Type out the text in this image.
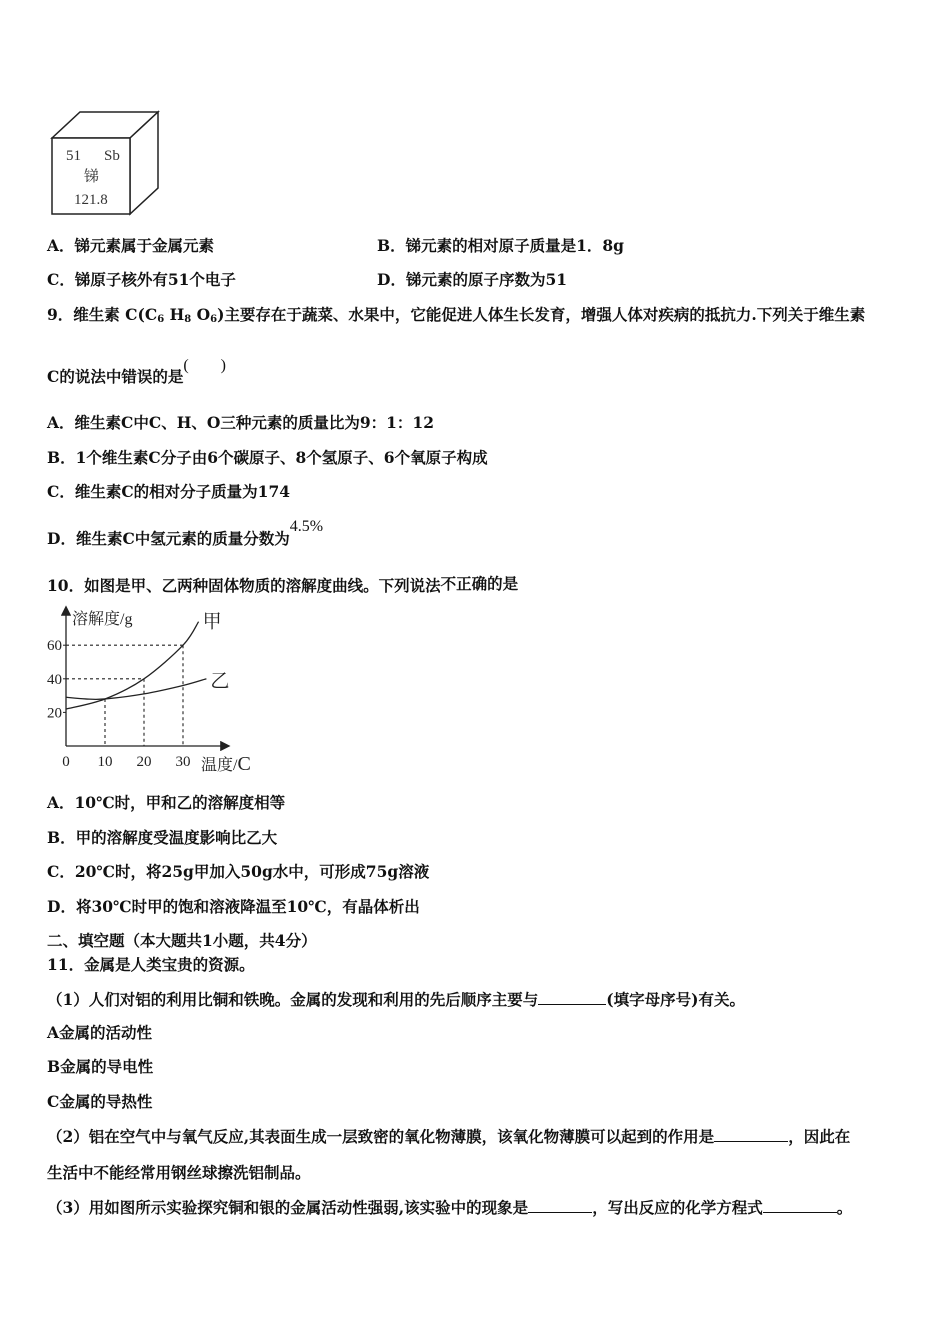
51 Sb
锑
121.8
A．锑元素属于金属元素	B．锑元素的相对原子质量是1．8g
C．锑原子核外有51个电子	D．锑元素的原子序数为51
9．维生素 $C(C_6$ $H_8$ $O_6$)主要存在于蔬菜、水果中，它能促进人体生长发育，增强人体对疾病的抵抗力.下列关于维生素
C的说法中错误的是(　　)
A．维生素C中C、H、O三种元素的质量比为9：1：12
B．1个维生素C分子由6个碳原子、8个氢原子、6个氧原子构成
C．维生素C的相对分子质量为174
D．维生素C中氢元素的质量分数为4.5%
10．如图是甲、乙两种固体物质的溶解度曲线。下列说法不正确的是
溶解度/g
温度/C
20
40
60
0 10 20 30
甲
乙
A．10℃时，甲和乙的溶解度相等
B．甲的溶解度受温度影响比乙大
C．20℃时，将25g甲加入50g水中，可形成75g溶液
D．将30℃时甲的饱和溶液降温至10℃，有晶体析出
二、填空题（本大题共1小题，共4分）
11．金属是人类宝贵的资源。
（1）人们对铝的利用比铜和铁晚。金属的发现和利用的先后顺序主要与	(填字母序号)有关。
A金属的活动性
B金属的导电性
C金属的导热性
（2）铝在空气中与氧气反应,其表面生成一层致密的氧化物薄膜，该氧化物薄膜可以起到的作用是	，因此在
生活中不能经常用钢丝球擦洗铝制品。
（3）用如图所示实验探究铜和银的金属活动性强弱,该实验中的现象是	，写出反应的化学方程式	。
